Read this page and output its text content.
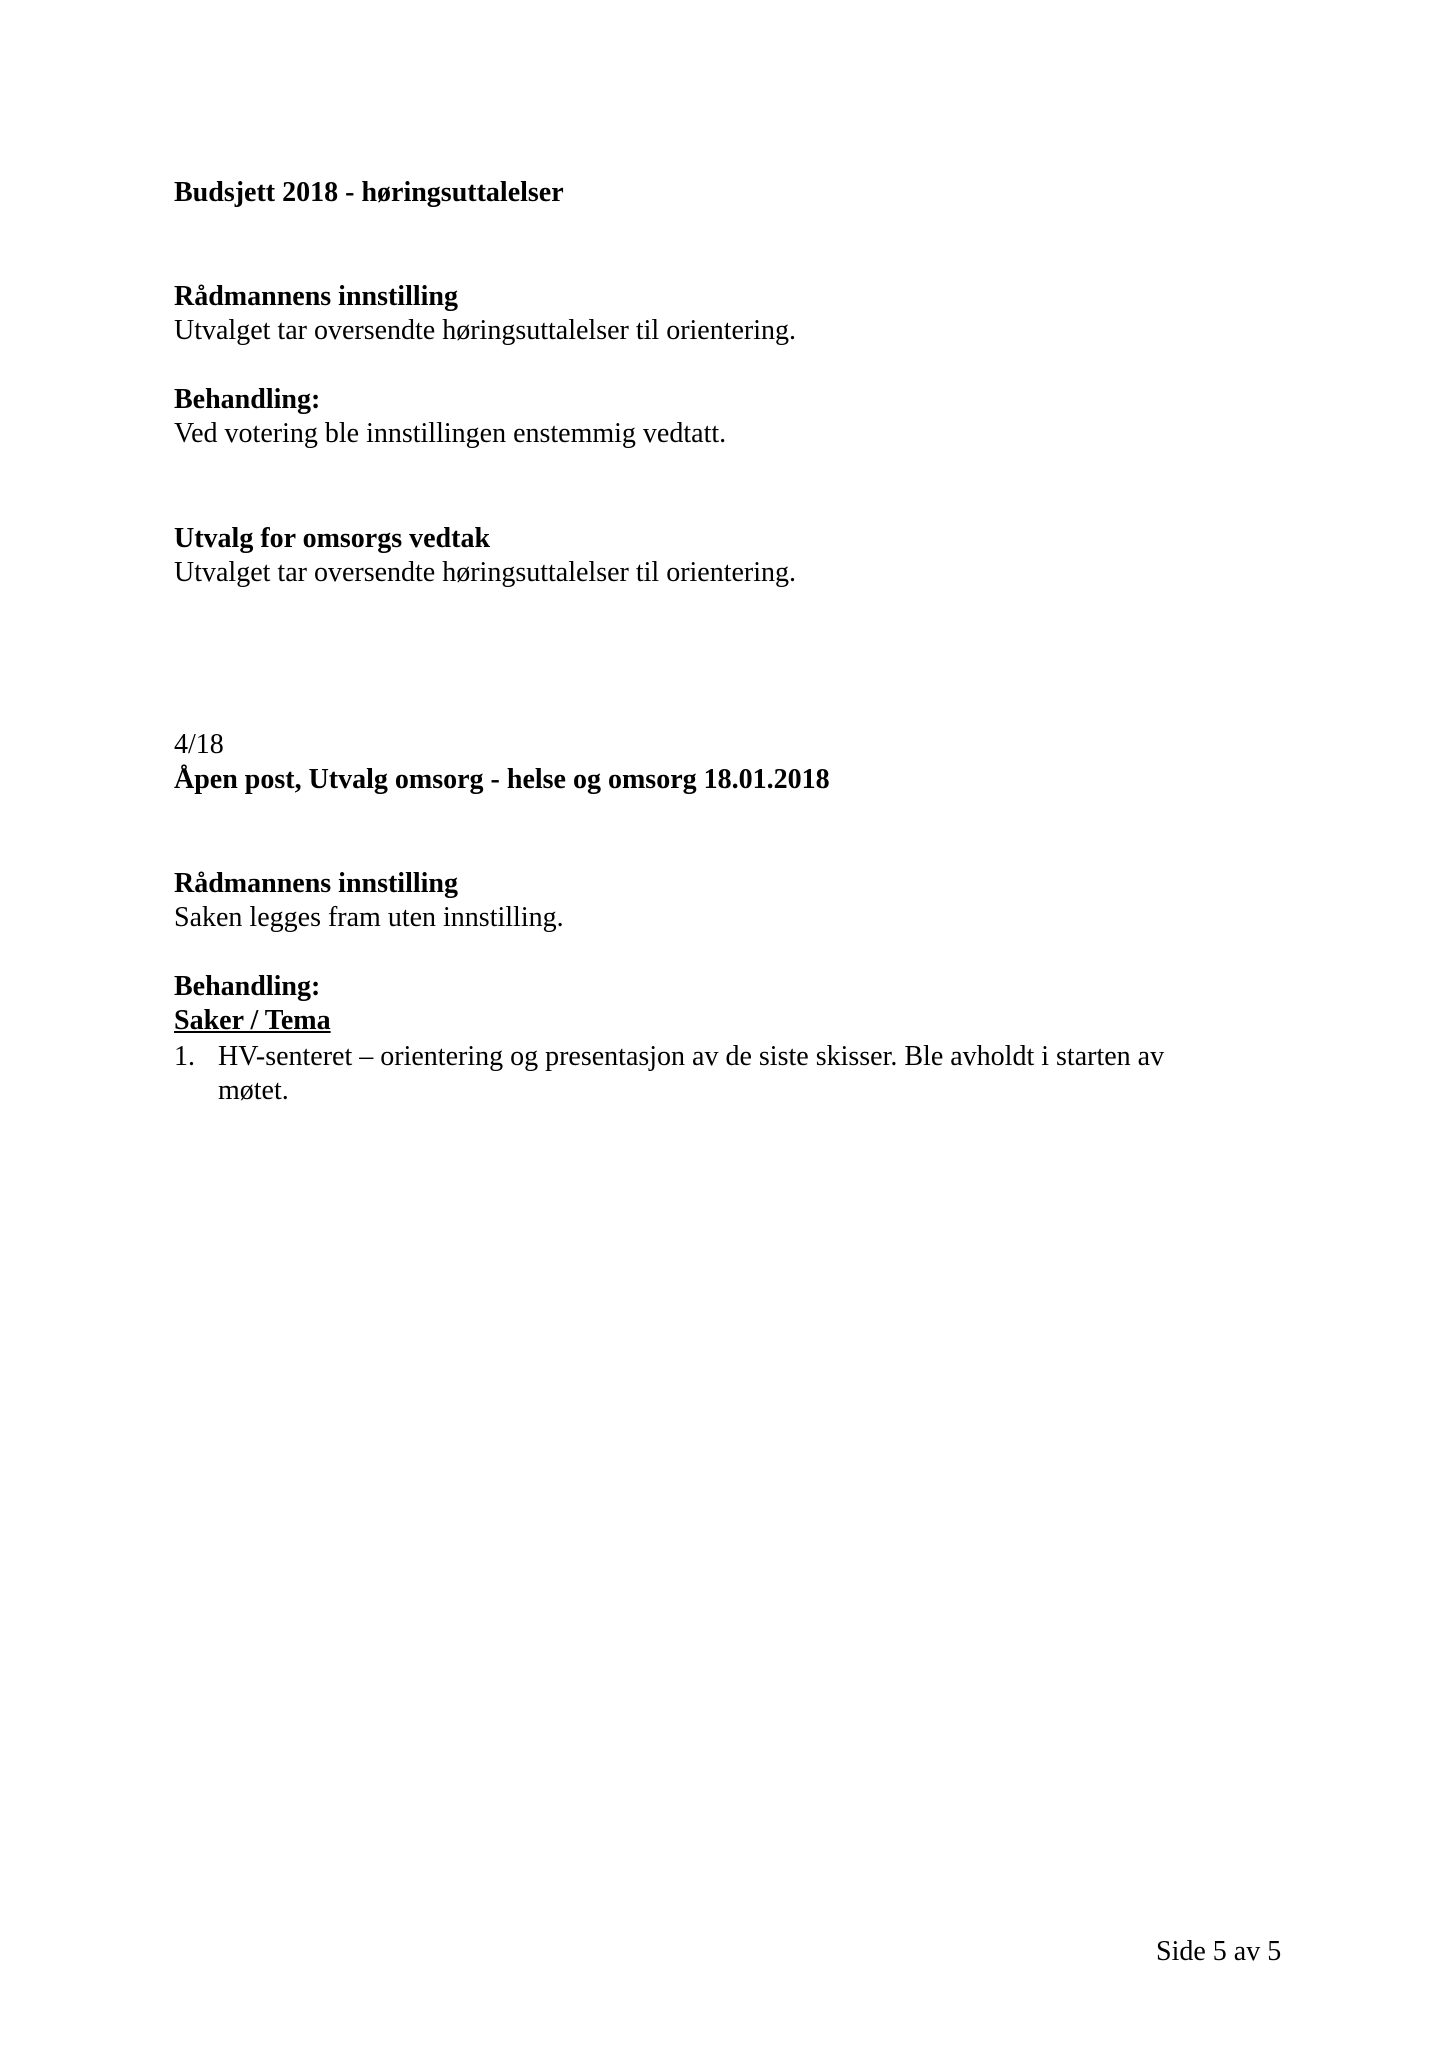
Budsjett 2018 - høringsuttalelser

Rådmannens innstilling

Utvalget tar oversendte høringsuttalelser til orientering.

Behandling:

Ved votering ble innstillingen enstemmig vedtatt.

Utvalg for omsorgs vedtak

Utvalget tar oversendte høringsuttalelser til orientering.

4/18

Åpen post, Utvalg omsorg - helse og omsorg 18.01.2018

Rådmannens innstilling

Saken legges fram uten innstilling.

Behandling:

Saker / Tema

1. HV-senteret – orientering og presentasjon av de siste skisser. Ble avholdt i starten av møtet.

Side 5 av 5
